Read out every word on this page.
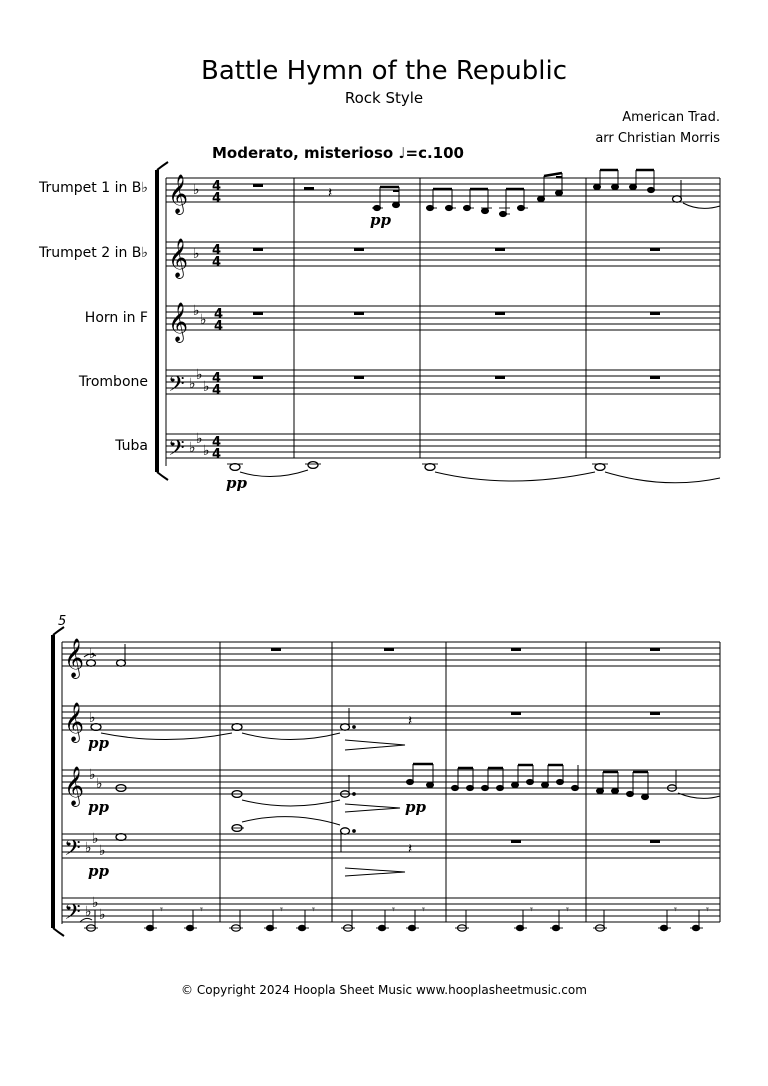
Battle Hymn of the Republic
Rock Style
American Trad.
arr Christian Morris
Moderato, misterioso ♩=c.100
Trumpet 1 in B♭
Trumpet 2 in B♭
Horn in F
Trombone
Tuba
𝄞
𝄞
𝄞
𝄢
𝄢
♭
♭
♭
♭
♭
♭
♭
♭
♭
♭
4
4
4
4
4
4
4
4
4
4
𝄽
pp
pp
5
𝄞
𝄞
𝄞
𝄢
𝄢
♭
♭
♭
♭
♭
♭
♭
♭
♭
♭
𝄽
𝄽
𝄾	𝄾	𝄾	𝄾	𝄾 𝄾	𝄾	𝄾	𝄾	𝄾
pp
pp	pp
pp
© Copyright 2024 Hoopla Sheet Music www.hooplasheetmusic.com
